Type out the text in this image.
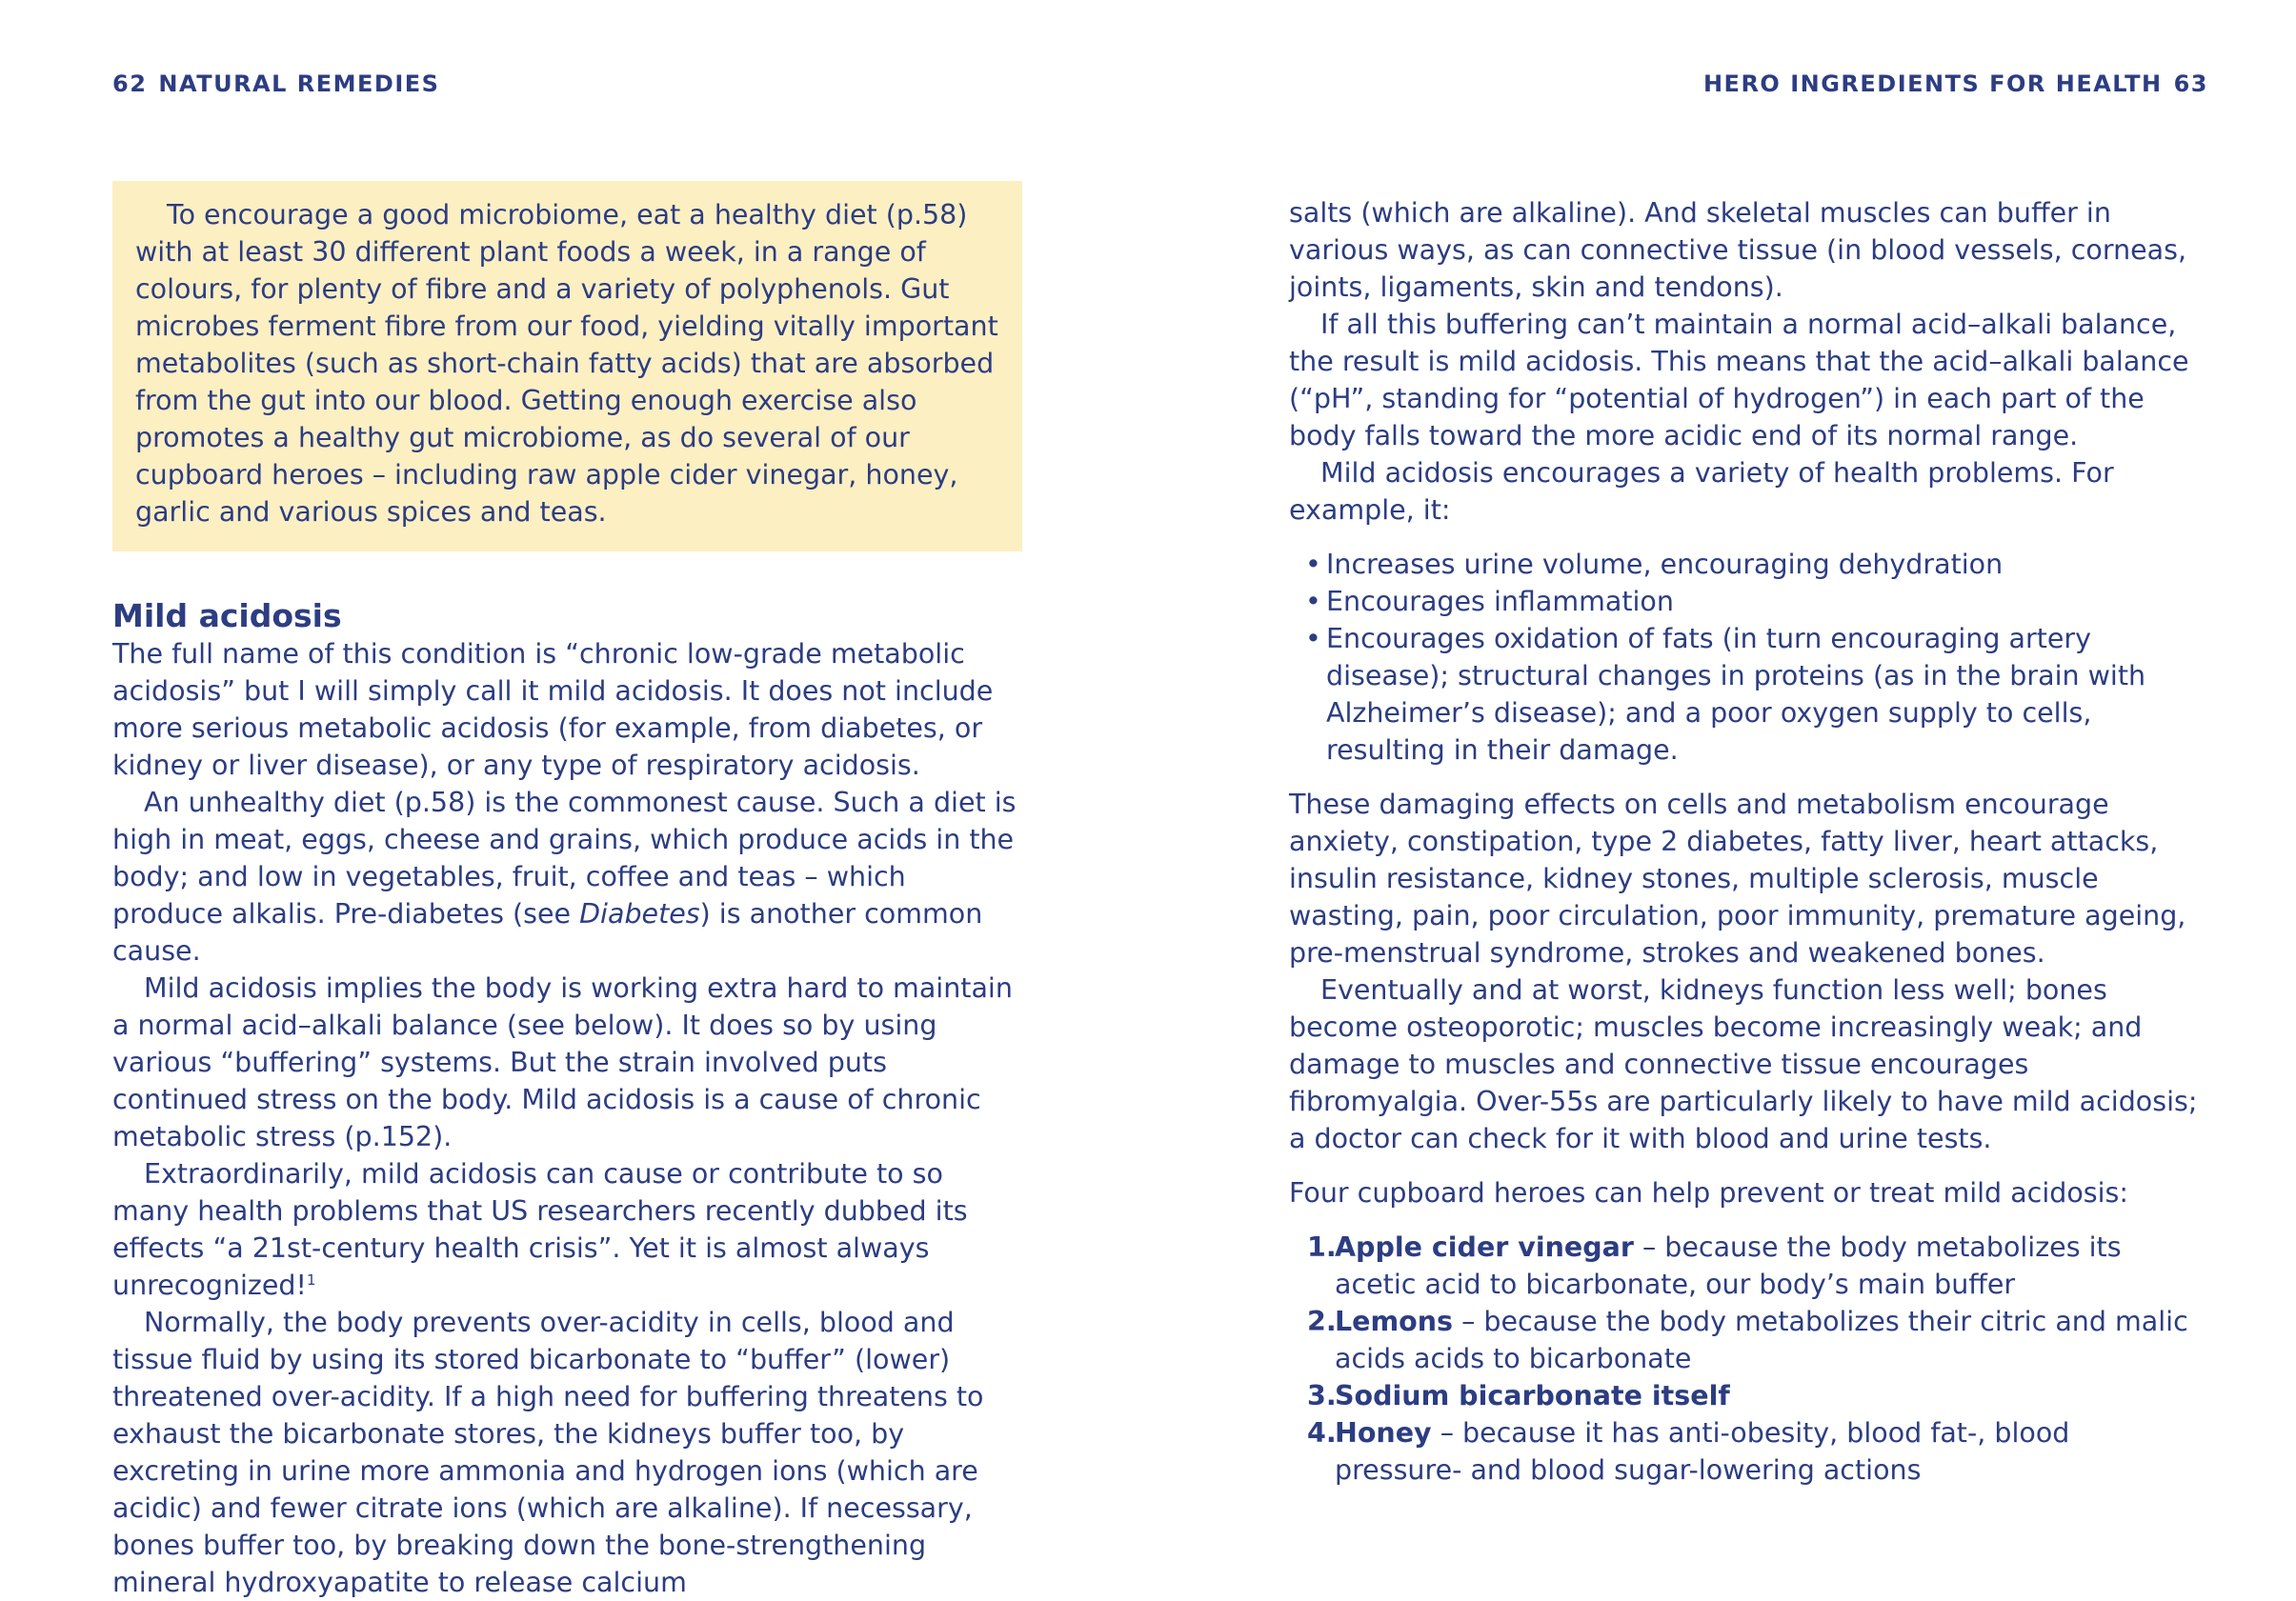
62 NATURAL REMEDIES	HERO INGREDIENTS FOR HEALTH 63

To encourage a good microbiome, eat a healthy diet (p.58) with at least 30 different plant foods a week, in a range of colours, for plenty of fibre and a variety of polyphenols. Gut microbes ferment fibre from our food, yielding vitally important metabolites (such as short-chain fatty acids) that are absorbed from the gut into our blood. Getting enough exercise also promotes a healthy gut microbiome, as do several of our cupboard heroes – including raw apple cider vinegar, honey, garlic and various spices and teas.

Mild acidosis

The full name of this condition is “chronic low-grade metabolic acidosis” but I will simply call it mild acidosis. It does not include more serious metabolic acidosis (for example, from diabetes, or kidney or liver disease), or any type of respiratory acidosis.

An unhealthy diet (p.58) is the commonest cause. Such a diet is high in meat, eggs, cheese and grains, which produce acids in the body; and low in vegetables, fruit, coffee and teas – which produce alkalis. Pre-diabetes (see Diabetes) is another common cause.

Mild acidosis implies the body is working extra hard to maintain a normal acid–alkali balance (see below). It does so by using various “buffering” systems. But the strain involved puts continued stress on the body. Mild acidosis is a cause of chronic metabolic stress (p.152).

Extraordinarily, mild acidosis can cause or contribute to so many health problems that US researchers recently dubbed its effects “a 21st-century health crisis”. Yet it is almost always unrecognized!$^1$

Normally, the body prevents over-acidity in cells, blood and tissue fluid by using its stored bicarbonate to “buffer” (lower) threatened over-acidity. If a high need for buffering threatens to exhaust the bicarbonate stores, the kidneys buffer too, by excreting in urine more ammonia and hydrogen ions (which are acidic) and fewer citrate ions (which are alkaline). If necessary, bones buffer too, by breaking down the bone-strengthening mineral hydroxyapatite to release calcium

salts (which are alkaline). And skeletal muscles can buffer in various ways, as can connective tissue (in blood vessels, corneas, joints, ligaments, skin and tendons).

If all this buffering can’t maintain a normal acid–alkali balance, the result is mild acidosis. This means that the acid–alkali balance (“pH”, standing for “potential of hydrogen”) in each part of the body falls toward the more acidic end of its normal range.

Mild acidosis encourages a variety of health problems. For example, it:

• Increases urine volume, encouraging dehydration
• Encourages inflammation
• Encourages oxidation of fats (in turn encouraging artery disease); structural changes in proteins (as in the brain with Alzheimer’s disease); and a poor oxygen supply to cells, resulting in their damage.

These damaging effects on cells and metabolism encourage anxiety, constipation, type 2 diabetes, fatty liver, heart attacks, insulin resistance, kidney stones, multiple sclerosis, muscle wasting, pain, poor circulation, poor immunity, premature ageing, pre-menstrual syndrome, strokes and weakened bones.

Eventually and at worst, kidneys function less well; bones become osteoporotic; muscles become increasingly weak; and damage to muscles and connective tissue encourages fibromyalgia. Over-55s are particularly likely to have mild acidosis; a doctor can check for it with blood and urine tests.

Four cupboard heroes can help prevent or treat mild acidosis:

1.
Apple cider vinegar – because the body metabolizes its acetic acid to bicarbonate, our body’s main buffer
2.
Lemons – because the body metabolizes their citric and malic acids acids to bicarbonate
3.
Sodium bicarbonate itself
4.
Honey – because it has anti-obesity, blood fat-, blood pressure- and blood sugar-lowering actions
